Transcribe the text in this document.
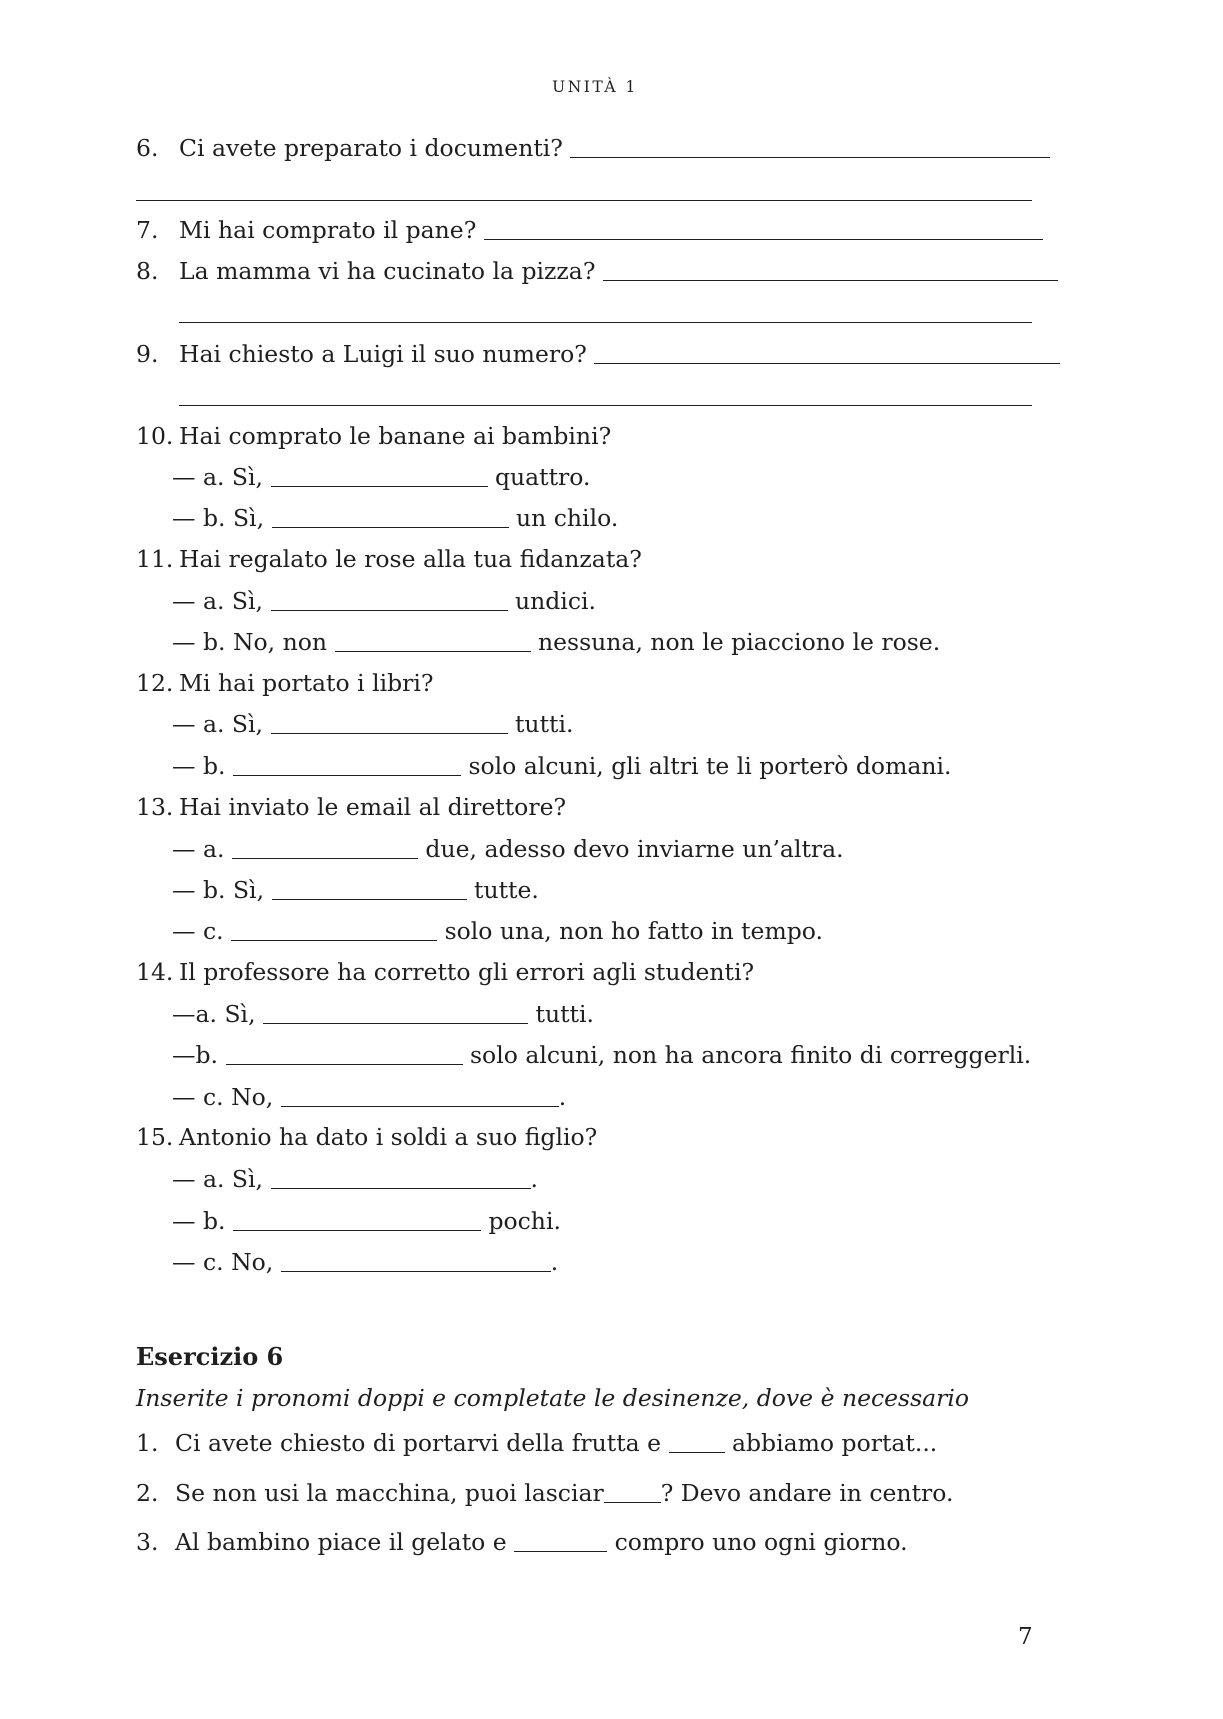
UNITÀ 1
6. Ci avete preparato i documenti?
7. Mi hai comprato il pane?
8. La mamma vi ha cucinato la pizza?
9. Hai chiesto a Luigi il suo numero?
10. Hai comprato le banane ai bambini?
— a. Sì,	quattro.
— b. Sì,	un chilo.
11. Hai regalato le rose alla tua fidanzata?
— a. Sì,	undici.
— b. No, non	nessuna, non le piacciono le rose.
12. Mi hai portato i libri?
— a. Sì,	tutti.
— b.	solo alcuni, gli altri te li porterò domani.
13. Hai inviato le email al direttore?
— a.	due, adesso devo inviarne un’altra.
— b. Sì,	tutte.
— c.	solo una, non ho fatto in tempo.
14. Il professore ha corretto gli errori agli studenti?
—a. Sì,	tutti.
—b.	solo alcuni, non ha ancora finito di correggerli.
— c. No,	.
15. Antonio ha dato i soldi a suo figlio?
— a. Sì,	.
— b.	pochi.
— c. No,	.
Esercizio 6
Inserite i pronomi doppi e completate le desinenze, dove è necessario
1. Ci avete chiesto di portarvi della frutta e	abbiamo portat...
2. Se non usi la macchina, puoi lasciar ? Devo andare in centro.
3. Al bambino piace il gelato e	compro uno ogni giorno.
7
